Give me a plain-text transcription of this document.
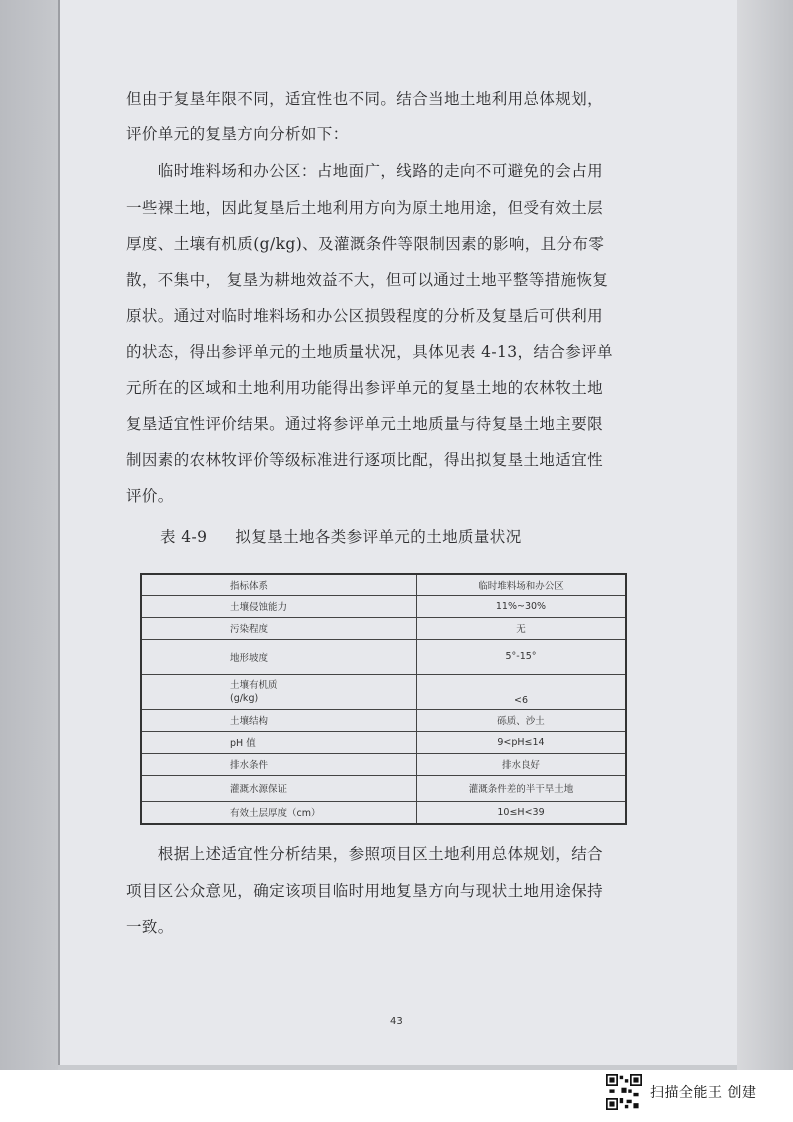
但由于复垦年限不同，适宜性也不同。结合当地土地利用总体规划，

评价单元的复垦方向分析如下：

　　临时堆料场和办公区：占地面广，线路的走向不可避免的会占用

一些裸土地，因此复垦后土地利用方向为原土地用途，但受有效土层

厚度、土壤有机质(g/kg)、及灌溉条件等限制因素的影响，且分布零

散，不集中， 复垦为耕地效益不大，但可以通过土地平整等措施恢复

原状。通过对临时堆料场和办公区损毁程度的分析及复垦后可供利用

的状态，得出参评单元的土地质量状况，具体见表 4-13，结合参评单

元所在的区域和土地利用功能得出参评单元的复垦土地的农林牧土地

复垦适宜性评价结果。通过将参评单元土地质量与待复垦土地主要限

制因素的农林牧评价等级标准进行逐项比配，得出拟复垦土地适宜性

评价。

表 4-9 拟复垦土地各类参评单元的土地质量状况

指标体系	临时堆料场和办公区
土壤侵蚀能力	11%~30%
污染程度	无
地形坡度	5°-15°
土壤有机质
(g/kg)	<6
土壤结构	砾质、沙土
pH 值	9<pH≤14
排水条件	排水良好
灌溉水源保证	灌溉条件差的半干旱土地
有效土层厚度（cm）	10≤H<39

　　根据上述适宜性分析结果，参照项目区土地利用总体规划，结合

项目区公众意见，确定该项目临时用地复垦方向与现状土地用途保持

一致。

43
扫描全能王 创建
